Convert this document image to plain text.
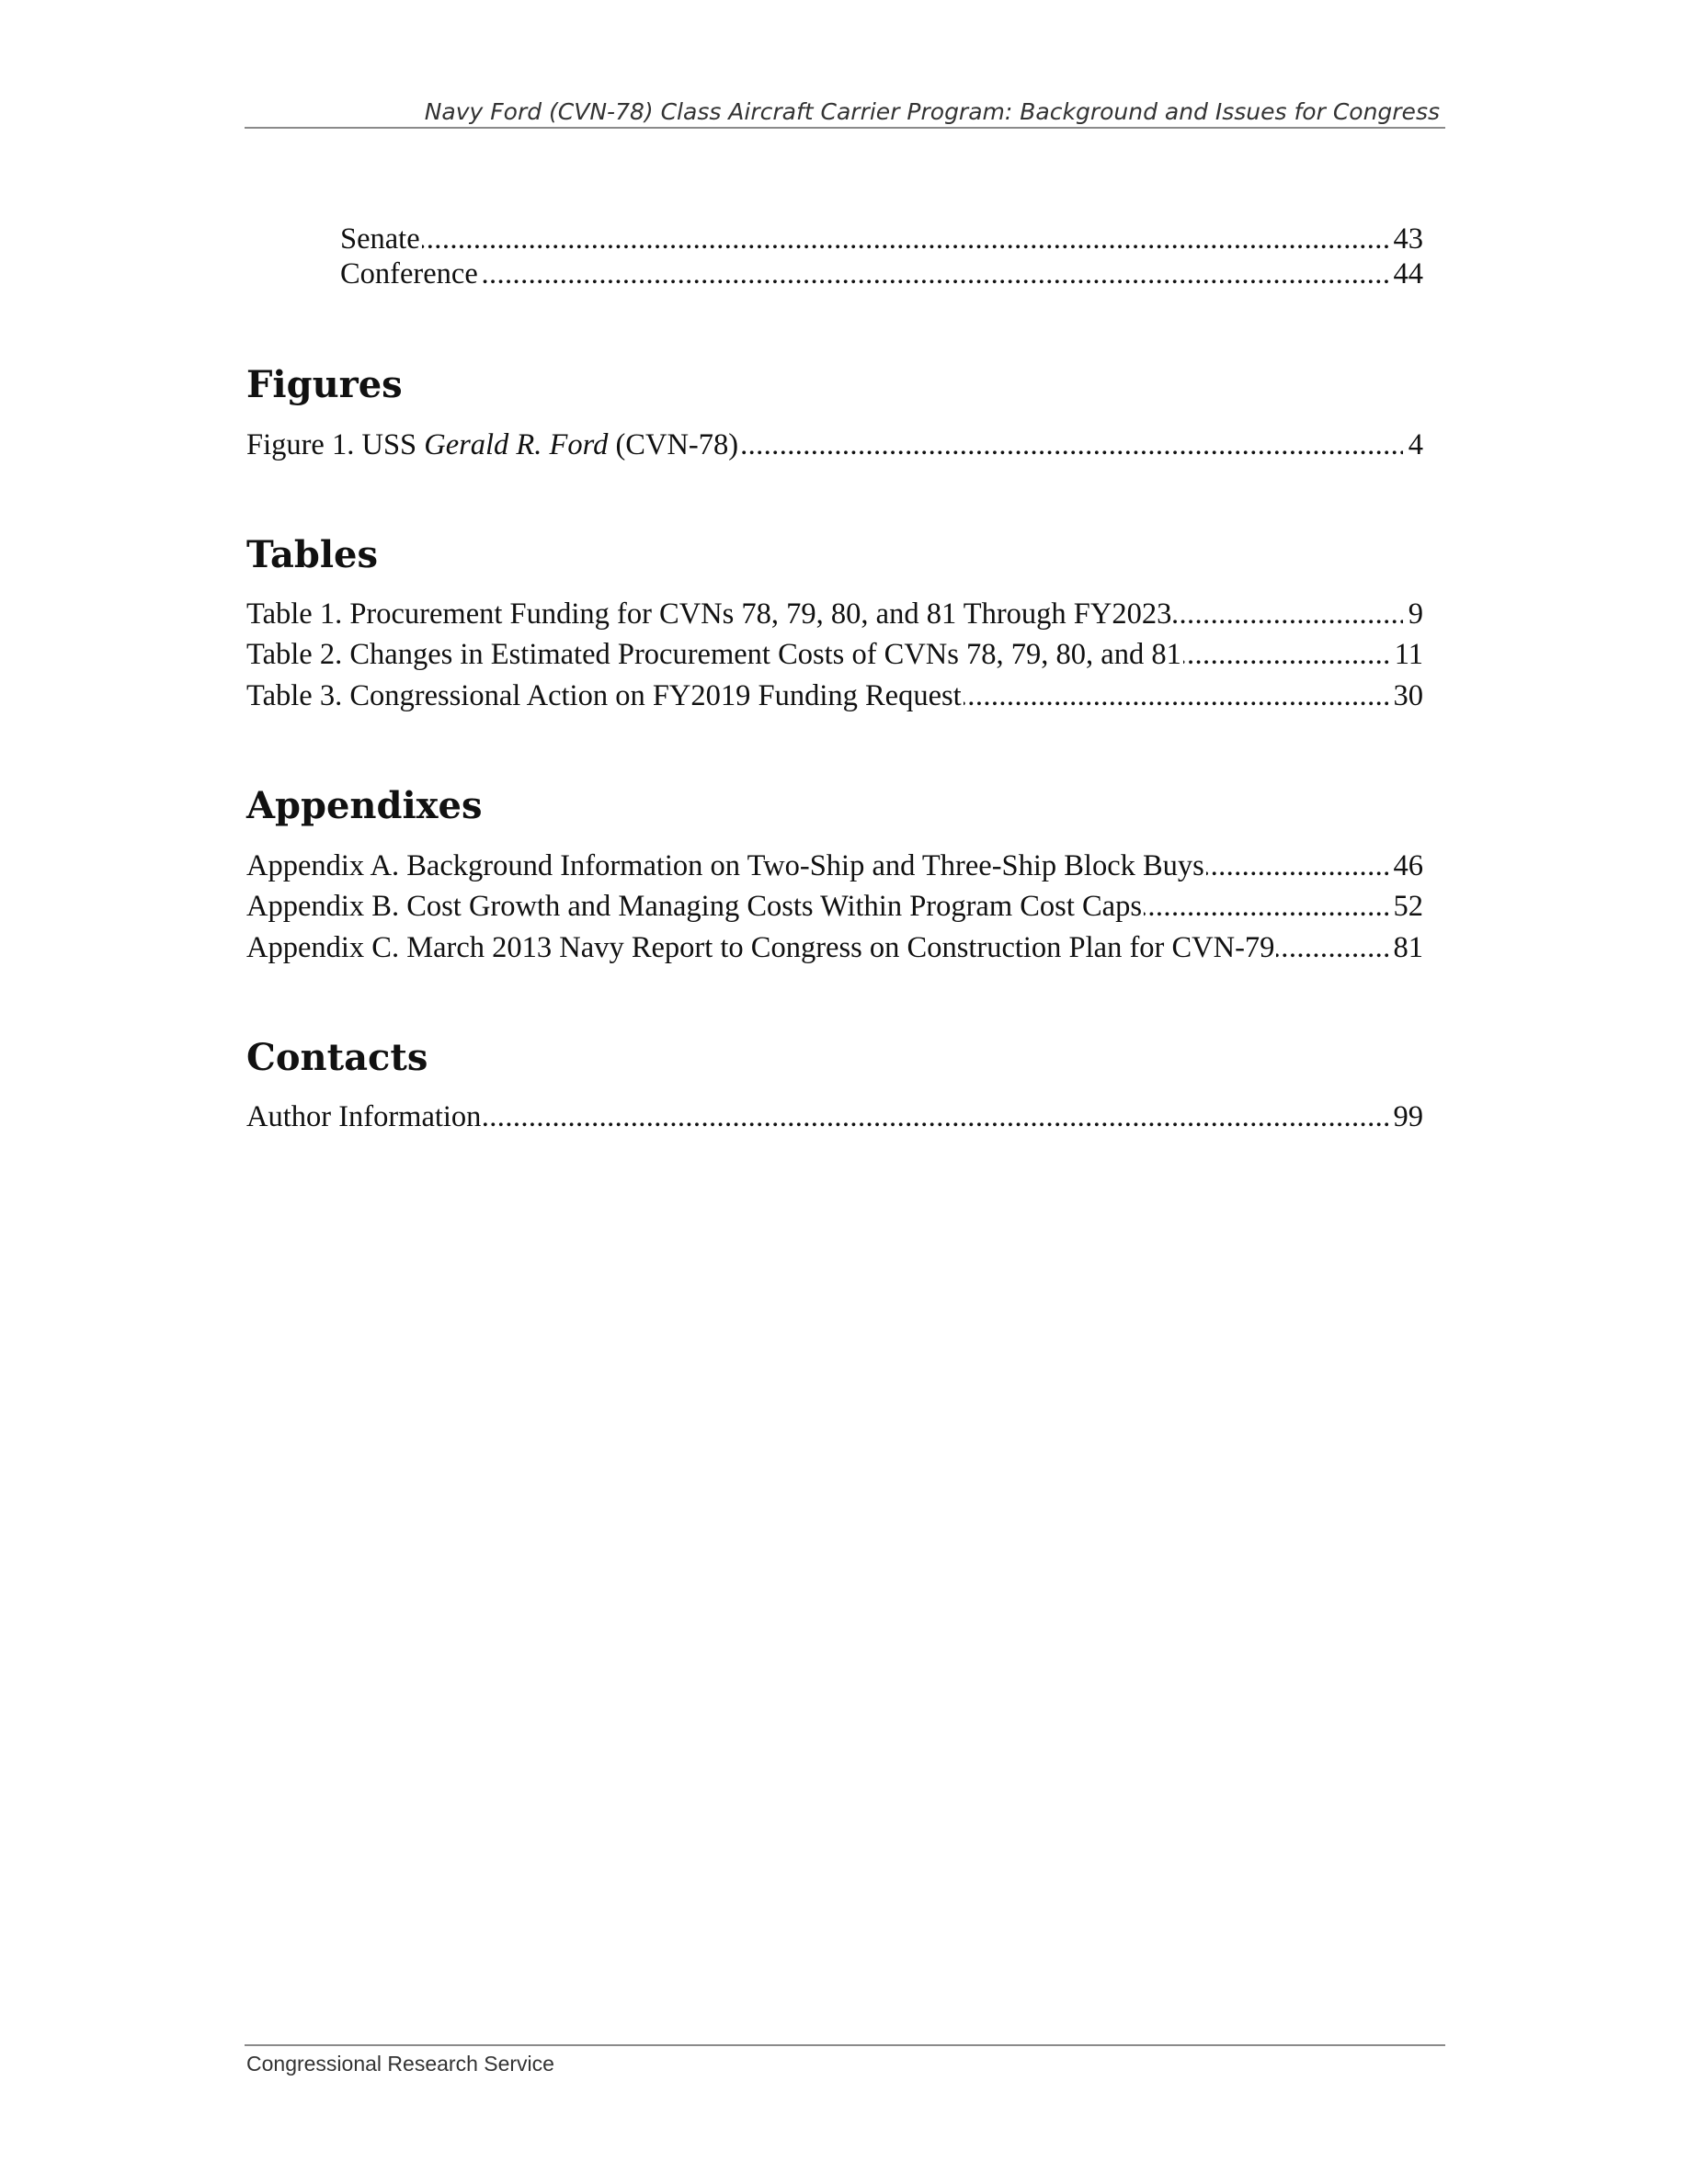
Navy Ford (CVN-78) Class Aircraft Carrier Program: Background and Issues for Congress
.....
Senate	43
.....
Conference	44
Figures
.....
Figure 1. USS Gerald R. Ford (CVN-78)	4
Tables
.....
Table 1. Procurement Funding for CVNs 78, 79, 80, and 81 Through FY2023	9
.....
Table 2. Changes in Estimated Procurement Costs of CVNs 78, 79, 80, and 81	11
.....
Table 3. Congressional Action on FY2019 Funding Request	30
Appendixes
.....
Appendix A. Background Information on Two-Ship and Three-Ship Block Buys	46
.....
Appendix B. Cost Growth and Managing Costs Within Program Cost Caps	52
.....
Appendix C. March 2013 Navy Report to Congress on Construction Plan for CVN-79	81
Contacts
.....
Author Information	99
Congressional Research Service
